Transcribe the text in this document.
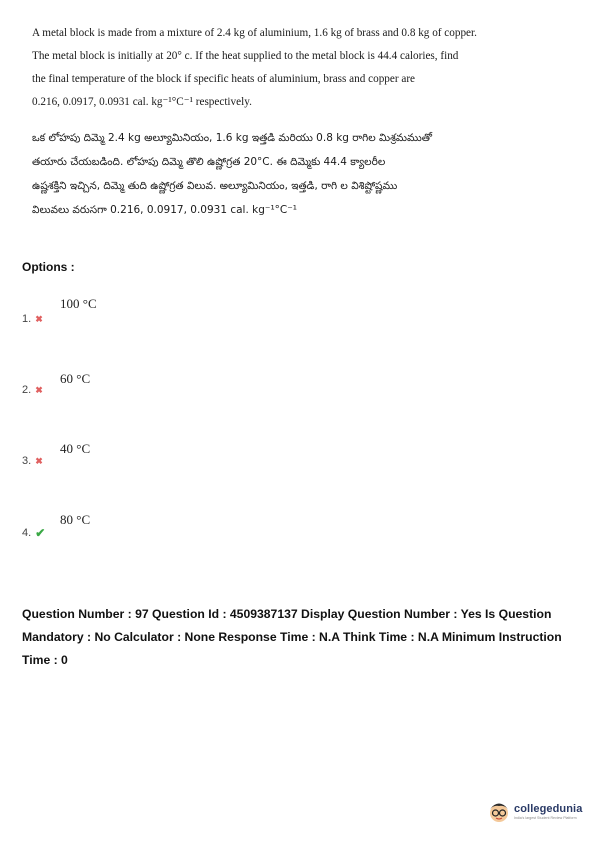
A metal block is made from a mixture of 2.4 kg of aluminium, 1.6 kg of brass and 0.8 kg of copper.
The metal block is initially at 20° c. If the heat supplied to the metal block is 44.4 calories, find
the final temperature of the block if specific heats of aluminium, brass and copper are
0.216, 0.0917, 0.0931 cal. kg⁻¹°C⁻¹ respectively.
ఒక లోహపు దిమ్మె 2.4 kg అల్యూమినియం, 1.6 kg ఇత్తడి మరియు 0.8 kg రాగిల మిశ్రమముతో
తయారు చేయబడింది. లోహపు దిమ్మె తొలి ఉష్ణోగ్రత 20°C. ఈ దిమ్మెకు 44.4 క్యాలరీల
ఉష్ణశక్తిని ఇచ్చిన, దిమ్మె తుది ఉష్ణోగ్రత విలువ. అల్యూమినియం, ఇత్తడి, రాగి ల విశిష్టోష్ణము
విలువలు వరుసగా 0.216, 0.0917, 0.0931 cal. kg⁻¹°C⁻¹
Options :
100 °C
1. ✖
60 °C
2. ✖
40 °C
3. ✖
80 °C
4. ✔
Question Number : 97 Question Id : 4509387137 Display Question Number : Yes Is Question Mandatory : No Calculator : None Response Time : N.A Think Time : N.A Minimum Instruction Time : 0
collegedunia
India's largest Student Review Platform
